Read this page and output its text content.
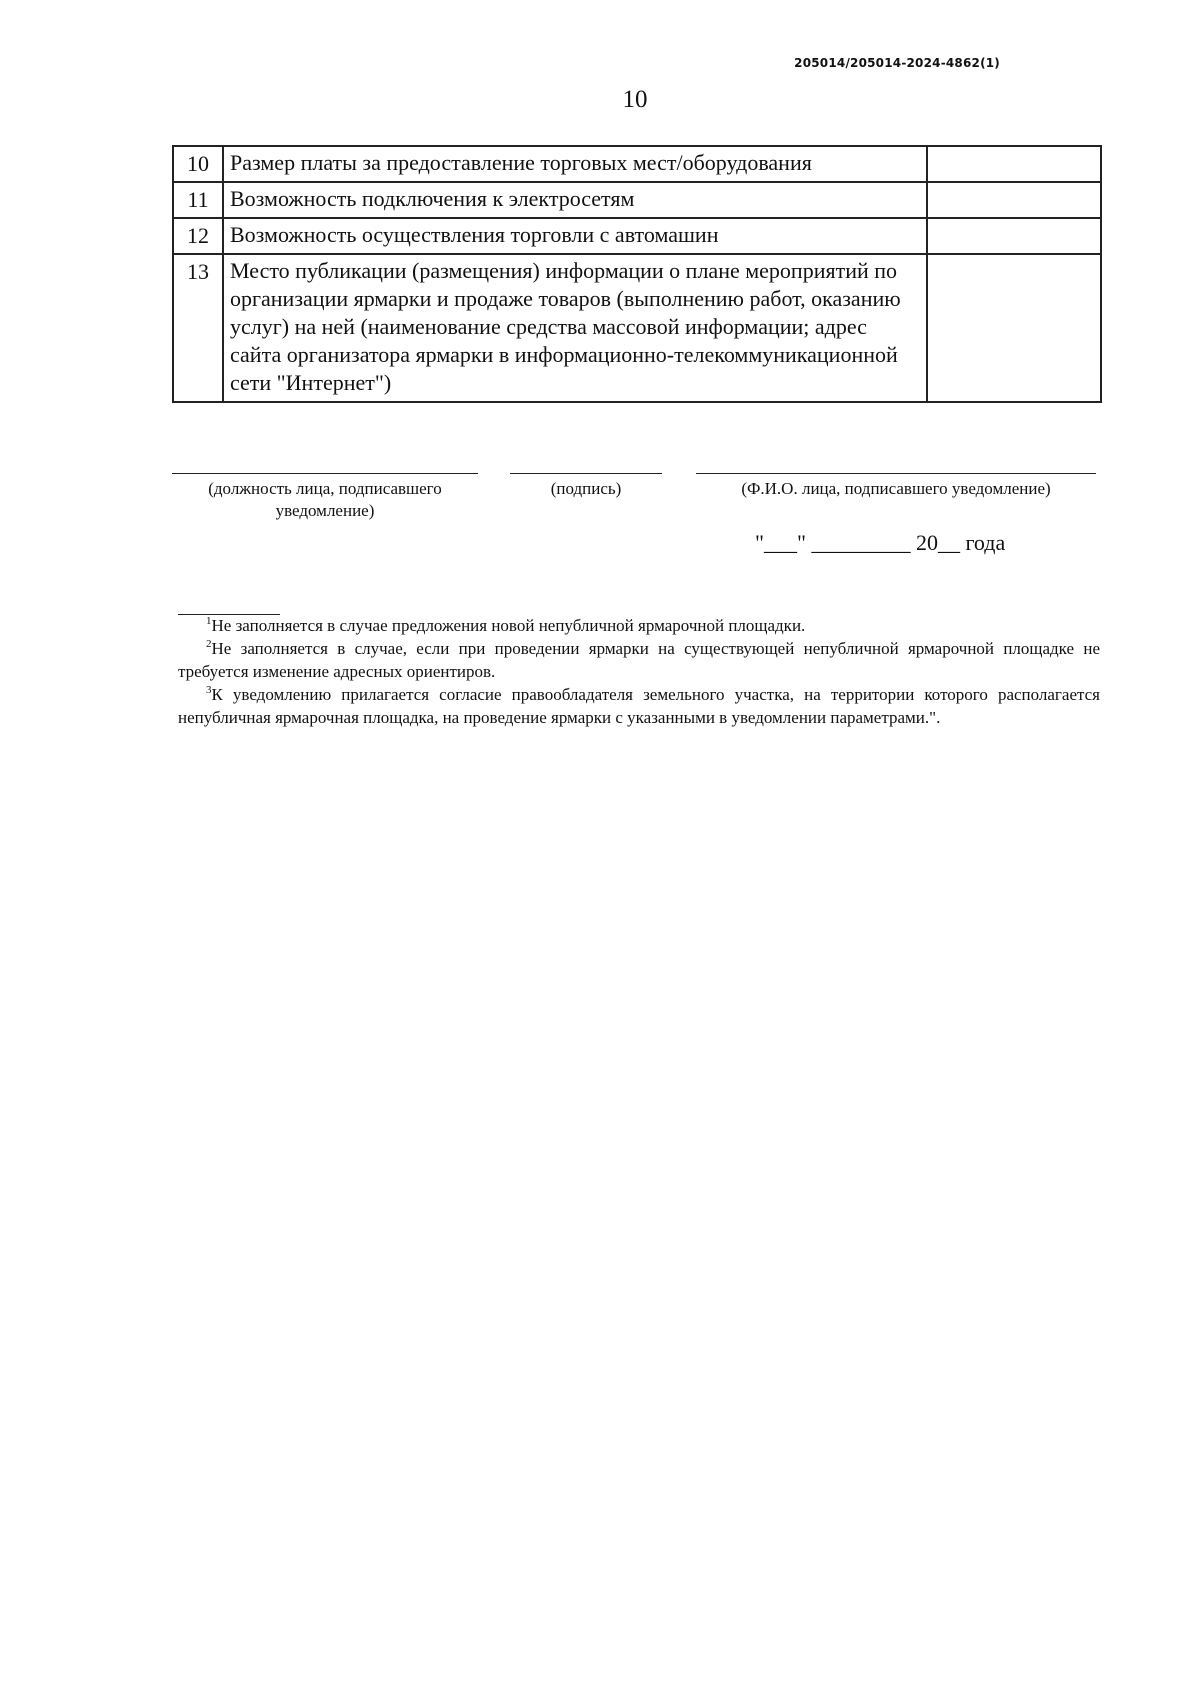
205014/205014-2024-4862(1)
10
10	Размер платы за предоставление торговых мест/оборудования	
11	Возможность подключения к электросетям	
12	Возможность осуществления торговли с автомашин	
13	Место публикации (размещения) информации о плане мероприятий по организации ярмарки и продаже товаров (выполнению работ, оказанию услуг) на ней (наименование средства массовой информации; адрес сайта организатора ярмарки в информационно-телекоммуникационной сети "Интернет")	
(должность лица, подписавшего уведомление)
(подпись)	(Ф.И.О. лица, подписавшего уведомление)
"___" _________ 20__ года

$^1$Не заполняется в случае предложения новой непубличной ярмарочной площадки.

$^2$Не заполняется в случае, если при проведении ярмарки на существующей непубличной ярмарочной площадке не требуется изменение адресных ориентиров.

$^3$К уведомлению прилагается согласие правообладателя земельного участка, на территории которого располагается непубличная ярмарочная площадка, на проведение ярмарки с указанными в уведомлении параметрами.".
